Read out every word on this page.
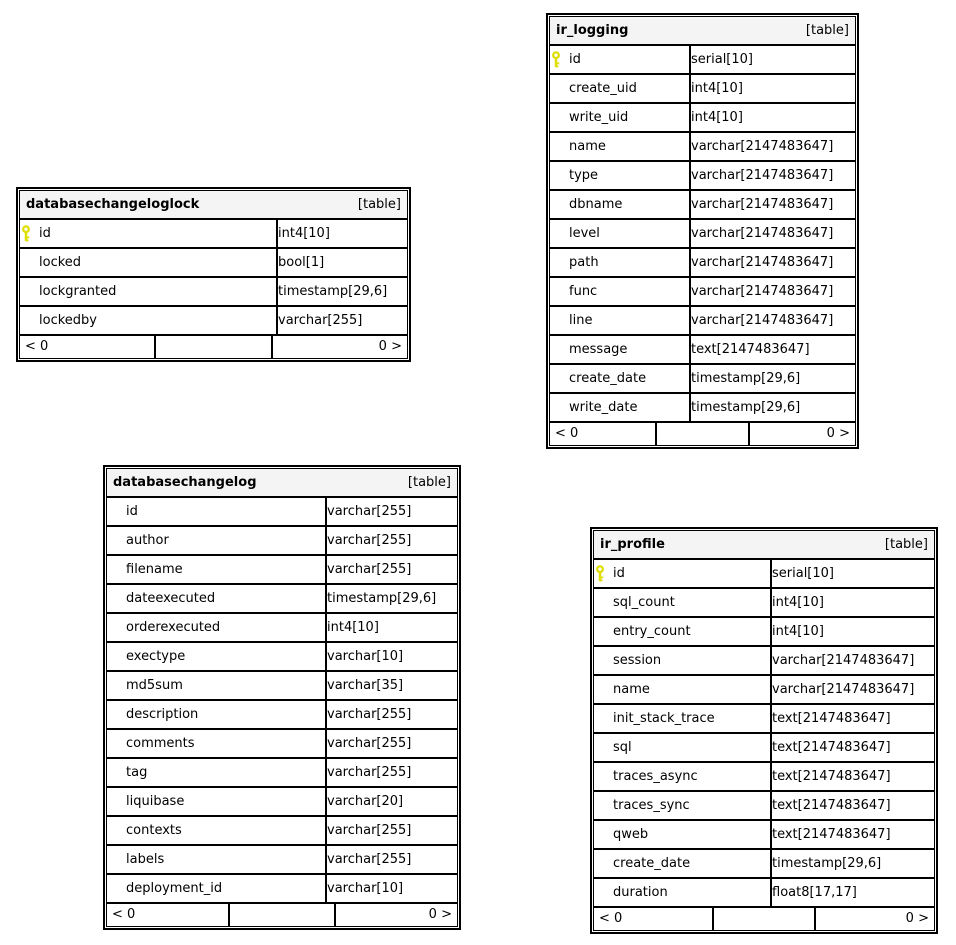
databasechangeloglock	[table]
id	int4[10]
locked	bool[1]
lockgranted	timestamp[29,6]
lockedby	varchar[255]
< 0	0 >
ir_logging	[table]
id	serial[10]
create_uid	int4[10]
write_uid	int4[10]
name	varchar[2147483647]
type	varchar[2147483647]
dbname	varchar[2147483647]
level	varchar[2147483647]
path	varchar[2147483647]
func	varchar[2147483647]
line	varchar[2147483647]
message	text[2147483647]
create_date	timestamp[29,6]
write_date	timestamp[29,6]
< 0	0 >
databasechangelog	[table]
id	varchar[255]
author	varchar[255]
filename	varchar[255]
dateexecuted	timestamp[29,6]
orderexecuted	int4[10]
exectype	varchar[10]
md5sum	varchar[35]
description	varchar[255]
comments	varchar[255]
tag	varchar[255]
liquibase	varchar[20]
contexts	varchar[255]
labels	varchar[255]
deployment_id	varchar[10]
< 0	0 >
ir_profile	[table]
id	serial[10]
sql_count	int4[10]
entry_count	int4[10]
session	varchar[2147483647]
name	varchar[2147483647]
init_stack_trace	text[2147483647]
sql	text[2147483647]
traces_async	text[2147483647]
traces_sync	text[2147483647]
qweb	text[2147483647]
create_date	timestamp[29,6]
duration	float8[17,17]
< 0	0 >
